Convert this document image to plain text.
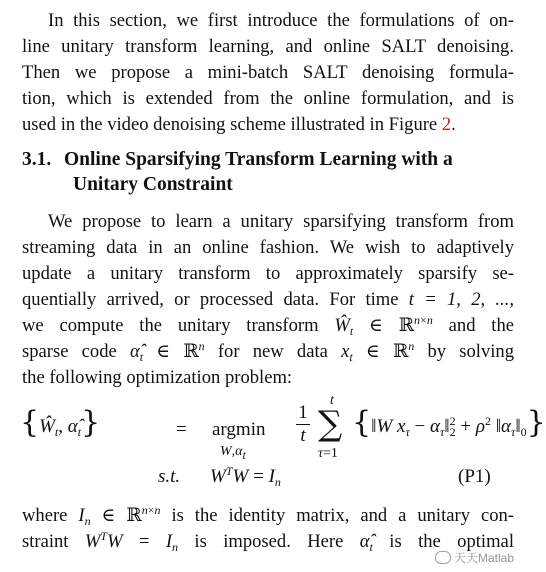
In this section, we first introduce the formulations of on-
line unitary transform learning, and online SALT denoising.
Then we propose a mini-batch SALT denoising formula-
tion, which is extended from the online formulation, and is
used in the video denoising scheme illustrated in Figure 2.
3.1. Online Sparsifying Transform Learning with a
Unitary Constraint
We propose to learn a unitary sparsifying transform from
streaming data in an online fashion. We wish to adaptively
update a unitary transform to approximately sparsify se-
quentially arrived, or processed data. For time t = 1, 2, ...,
we compute the unitary transform $Ŵ_t$ ∈ ℝ$^{n\times n}$ and the
sparse code $\alphâ_t$ ∈ ℝ$^n$ for new data $x_t$ ∈ ℝ$^n$ by solving
the following optimization problem:
{$Ŵ_t$, $\alphâ_t$}	= argmin
$W,\alpha_t$
1
t
t
∑
τ=1
{‖W $x_\tau$ − $\alpha_\tau‖^2_2 + \rho^2$ $‖\alpha_\tau‖_0$}
s.t. $W^TW = I_n$	(P1)
where $I_n$ ∈ ℝ$^{n\times n}$ is the identity matrix, and a unitary con-
straint $W^TW = I_n$ is imposed. Here $\alphâ_t$ is the optimal
天天Matlab
